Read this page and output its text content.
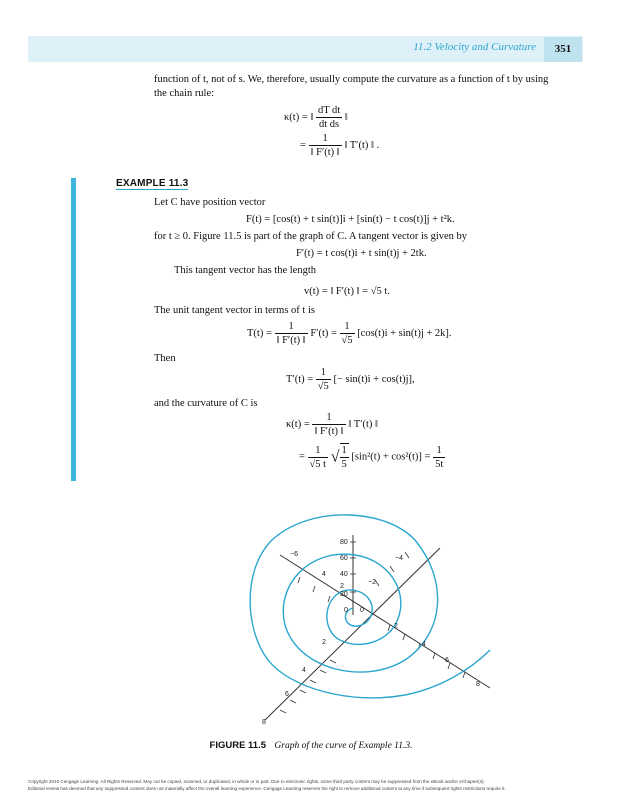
11.2 Velocity and Curvature	351
function of t, not of s. We, therefore, usually compute the curvature as a function of t by using
the chain rule:
κ(t) = ‖ $\frac{\text{dT dt}}{\text{dt ds}}$ ‖
= $\frac{1}{‖ F'(t) ‖}$ ‖ T′(t) ‖ .
EXAMPLE 11.3
Let C have position vector
F(t) = [cos(t) + t sin(t)]i + [sin(t) − t cos(t)]j + t²k.
for t ≥ 0. Figure 11.5 is part of the graph of C. A tangent vector is given by
F′(t) = t cos(t)i + t sin(t)j + 2tk.
This tangent vector has the length
v(t) = ‖ F′(t) ‖ = √5 t.
The unit tangent vector in terms of t is
$T(t) = \frac{1}{‖ F'(t) ‖} F'(t) = \frac{1}{√5} [\cos(t)i + \sin(t)j + 2k]$.
Then
$T'(t) = \frac{1}{√5}$ [− sin(t)i + cos(t)j],
and the curvature of C is
$\kappa(t) = \frac{1}{‖ F'(t) ‖}$ ‖ T′(t) ‖
= $\frac{1}{√5 t}$ √ $\frac{1}{5} [\sin^2(t) + \cos^2(t)] = \frac{1}{5t}$
80
60
40
20
0
−6
4
2
−4
−2
0
2
4
6
8
2
4
6
8
FIGURE 11.5 Graph of the curve of Example 11.3.
Copyright 2010 Cengage Learning. All Rights Reserved. May not be copied, scanned, or duplicated, in whole or in part. Due to electronic rights, some third party content may be suppressed from the eBook and/or eChapter(s).
Editorial review has deemed that any suppressed content does not materially affect the overall learning experience. Cengage Learning reserves the right to remove additional content at any time if subsequent rights restrictions require it.
